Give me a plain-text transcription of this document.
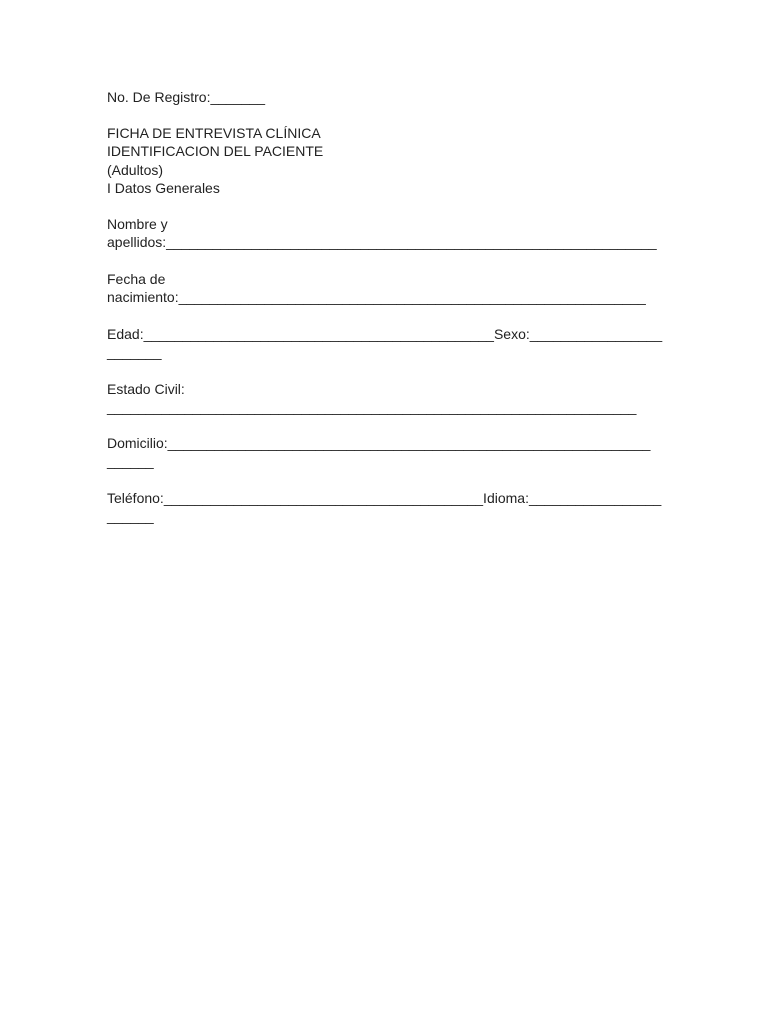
No. De Registro:_______

FICHA DE ENTREVISTA CLÍNICA
IDENTIFICACION DEL PACIENTE

(Adultos)

I Datos Generales

Nombre y

apellidos:_______________________________________________________________

Fecha de

nacimiento:____________________________________________________________

Edad:_____________________________________________Sexo:_________________

_______

Estado Civil:

____________________________________________________________________

Domicilio:______________________________________________________________

______

Teléfono:_________________________________________Idioma:_________________

______
